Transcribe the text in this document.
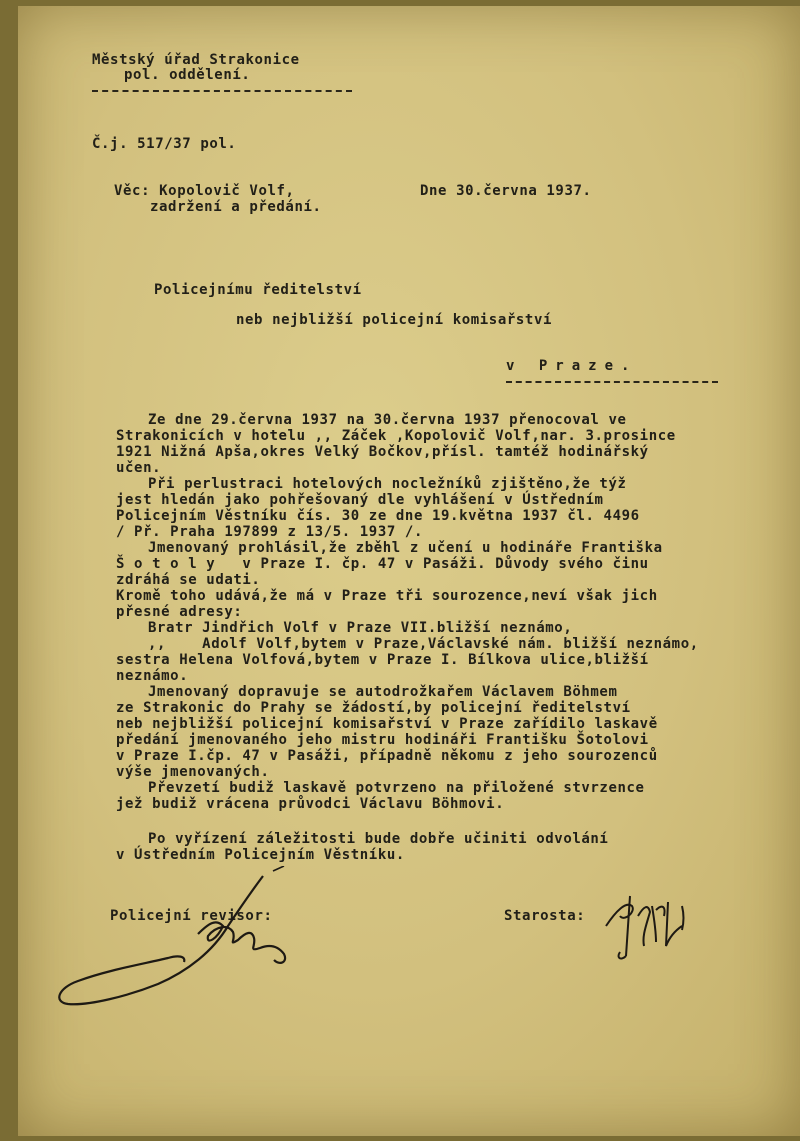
Městský úřad Strakonice
pol. oddělení.
Č.j. 517/37 pol.
Věc: Kopolovič Volf,
zadržení a předání.
Dne 30.června 1937.
Policejnímu ředitelství
neb nejbližší policejní komisařství
v Praze.
Ze dne 29.června 1937 na 30.června 1937 přenocoval ve
Strakonicích v hotelu ,, Záček ,Kopolovič Volf,nar. 3.prosince
1921 Nižná Apša,okres Velký Bočkov,přísl. tamtéž hodinářský
učen.
Při perlustraci hotelových nocležníků zjištěno,že týž
jest hledán jako pohřešovaný dle vyhlášení v Ústředním
Policejním Věstníku čís. 30 ze dne 19.května 1937 čl. 4496
/ Př. Praha 197899 z 13/5. 1937 /.
Jmenovaný prohlásil,že zběhl z učení u hodináře Františka
Š o t o l y   v Praze I. čp. 47 v Pasáži. Důvody svého činu
zdráhá se udati.
Kromě toho udává,že má v Praze tři sourozence,neví však jich
přesné adresy:
Bratr Jindřich Volf v Praze VII.bližší neznámo,
,,    Adolf Volf,bytem v Praze,Václavské nám. bližší neznámo,
sestra Helena Volfová,bytem v Praze I. Bílkova ulice,bližší
neznámo.
Jmenovaný dopravuje se autodrožkařem Václavem Böhmem
ze Strakonic do Prahy se žádostí,by policejní ředitelství
neb nejbližší policejní komisařství v Praze zařídilo laskavě
předání jmenovaného jeho mistru hodináři Františku Šotolovi
v Praze I.čp. 47 v Pasáži, případně někomu z jeho sourozenců
výše jmenovaných.
Převzetí budiž laskavě potvrzeno na přiložené stvrzence
jež budiž vrácena průvodci Václavu Böhmovi.
Po vyřízení záležitosti bude dobře učiniti odvolání
v Ústředním Policejním Věstníku.
Policejní revisor:	Starosta:
